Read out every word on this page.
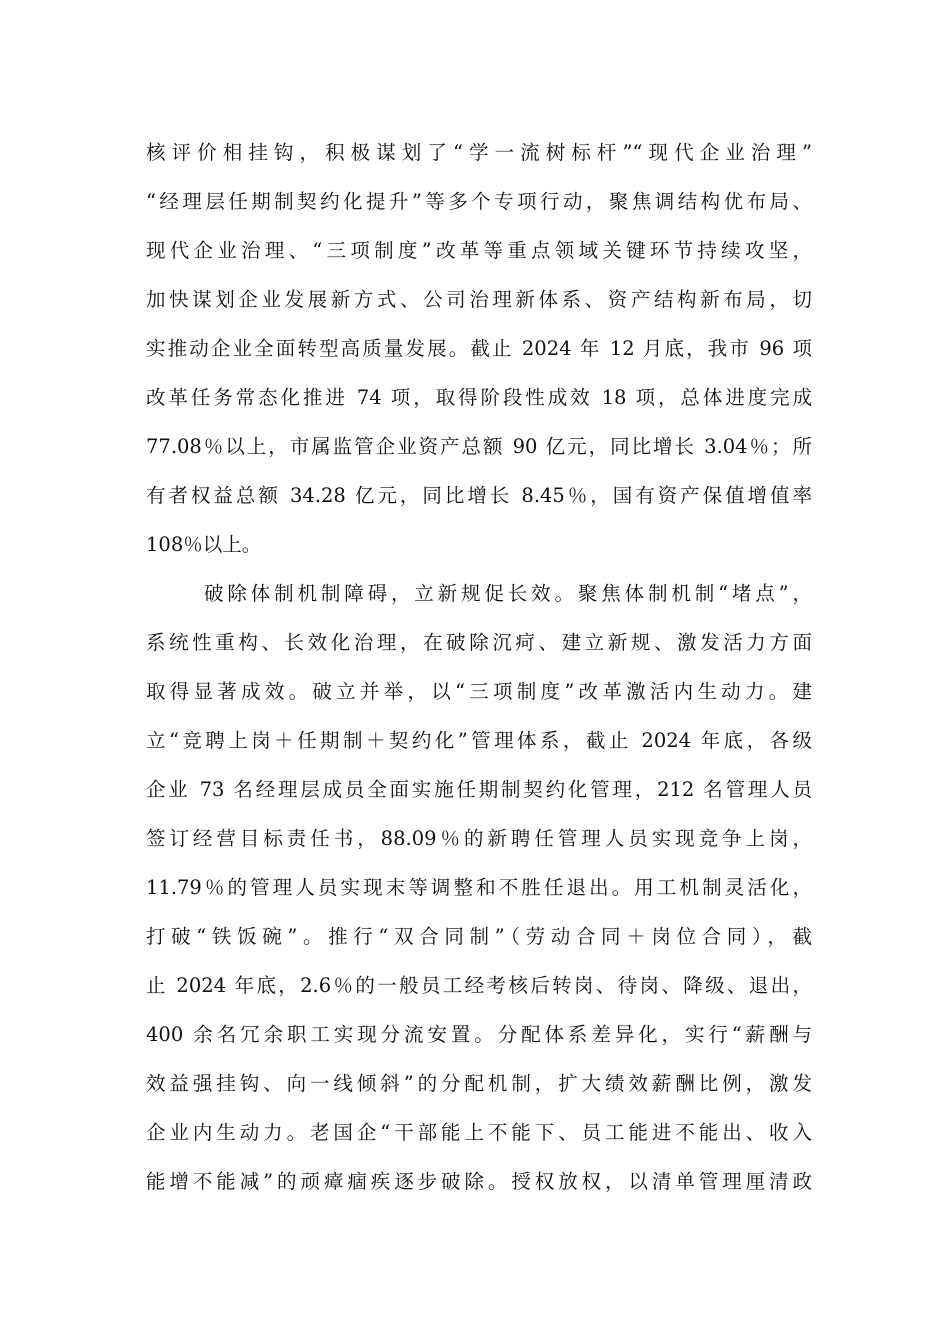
核评价相挂钩，积极谋划了“学一流树标杆”“现代企业治理”
“经理层任期制契约化提升”等多个专项行动，聚焦调结构优布局、
现代企业治理、“三项制度”改革等重点领域关键环节持续攻坚，
加快谋划企业发展新方式、公司治理新体系、资产结构新布局，切
实推动企业全面转型高质量发展。截止 2024 年 12 月底，我市 96 项
改革任务常态化推进 74 项，取得阶段性成效 18 项，总体进度完成
77.08％以上，市属监管企业资产总额 90 亿元，同比增长 3.04％；所
有者权益总额 34.28 亿元，同比增长 8.45％，国有资产保值增值率
108％以上。
破除体制机制障碍，立新规促长效。聚焦体制机制“堵点”，
系统性重构、长效化治理，在破除沉疴、建立新规、激发活力方面
取得显著成效。破立并举，以“三项制度”改革激活内生动力。建
立“竞聘上岗＋任期制＋契约化”管理体系，截止 2024 年底，各级
企业 73 名经理层成员全面实施任期制契约化管理，212 名管理人员
签订经营目标责任书，88.09％的新聘任管理人员实现竞争上岗，
11.79％的管理人员实现末等调整和不胜任退出。用工机制灵活化，
打破“铁饭碗”。推行“双合同制”（劳动合同＋岗位合同），截
止 2024 年底，2.6％的一般员工经考核后转岗、待岗、降级、退出，
400 余名冗余职工实现分流安置。分配体系差异化，实行“薪酬与
效益强挂钩、向一线倾斜”的分配机制，扩大绩效薪酬比例，激发
企业内生动力。老国企“干部能上不能下、员工能进不能出、收入
能增不能减”的顽瘴痼疾逐步破除。授权放权，以清单管理厘清政
